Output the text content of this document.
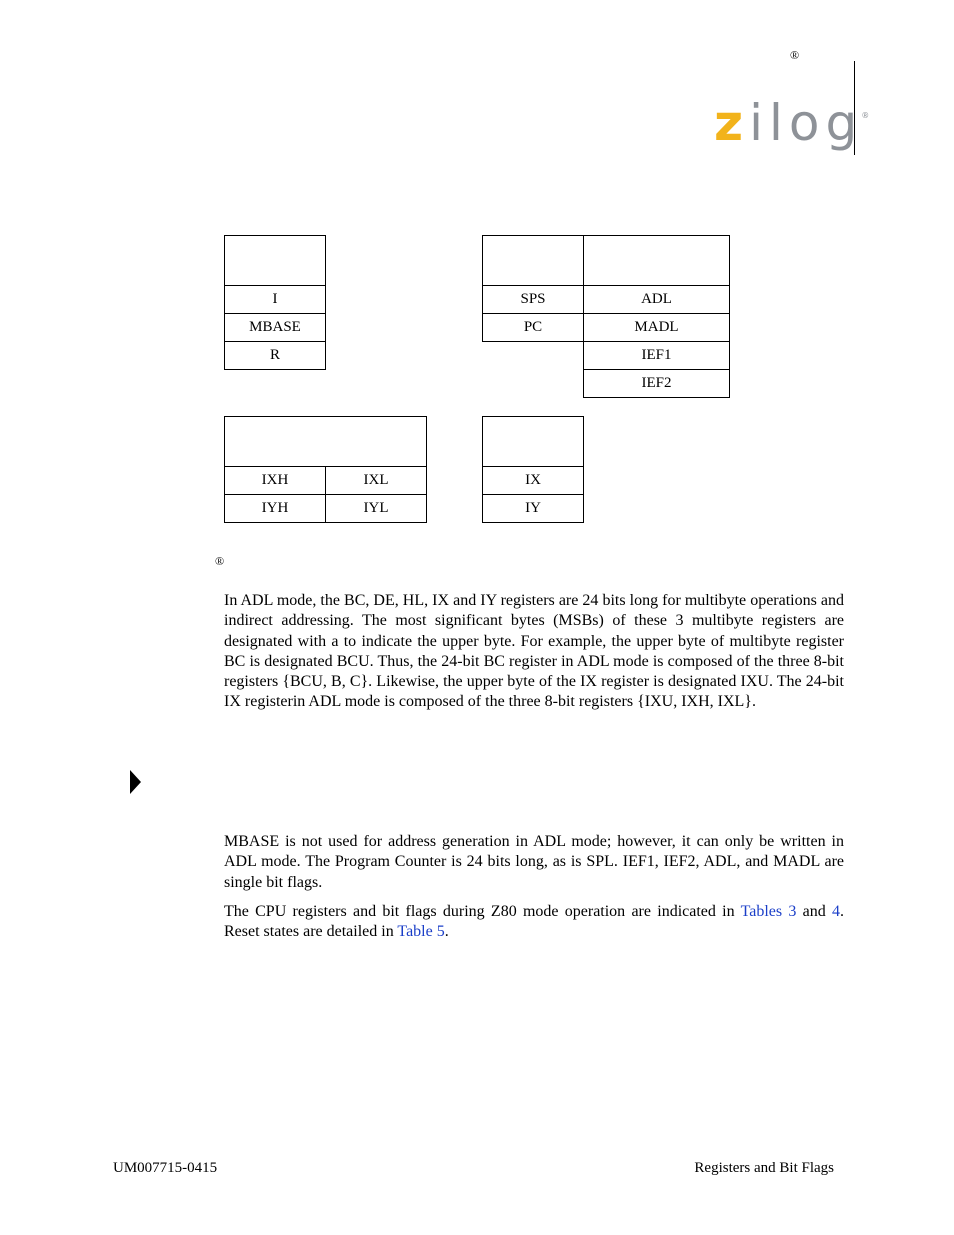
®
zilog
®

I
MBASE
R

SPS	ADL
PC	MADL
	IEF1
	IEF2

IXH	IXL
IYH	IYL

IX
IY
®

In ADL mode, the BC, DE, HL, IX and IY registers are 24 bits long for multibyte operations and indirect addressing. The most significant bytes (MSBs) of these 3 multibyte registers are designated with a to indicate the upper byte. For example, the upper byte of multibyte register BC is designated BCU. Thus, the 24-bit BC register in ADL mode is composed of the three 8-bit registers {BCU, B, C}. Likewise, the upper byte of the IX register is designated IXU. The 24-bit IX registerin ADL mode is composed of the three 8-bit registers {IXU, IXH, IXL}.

MBASE is not used for address generation in ADL mode; however, it can only be written in ADL mode. The Program Counter is 24 bits long, as is SPL. IEF1, IEF2, ADL, and MADL are single bit flags.

The CPU registers and bit flags during Z80 mode operation are indicated in Tables 3 and 4. Reset states are detailed in Table 5.

UM007715-0415	Registers and Bit Flags
